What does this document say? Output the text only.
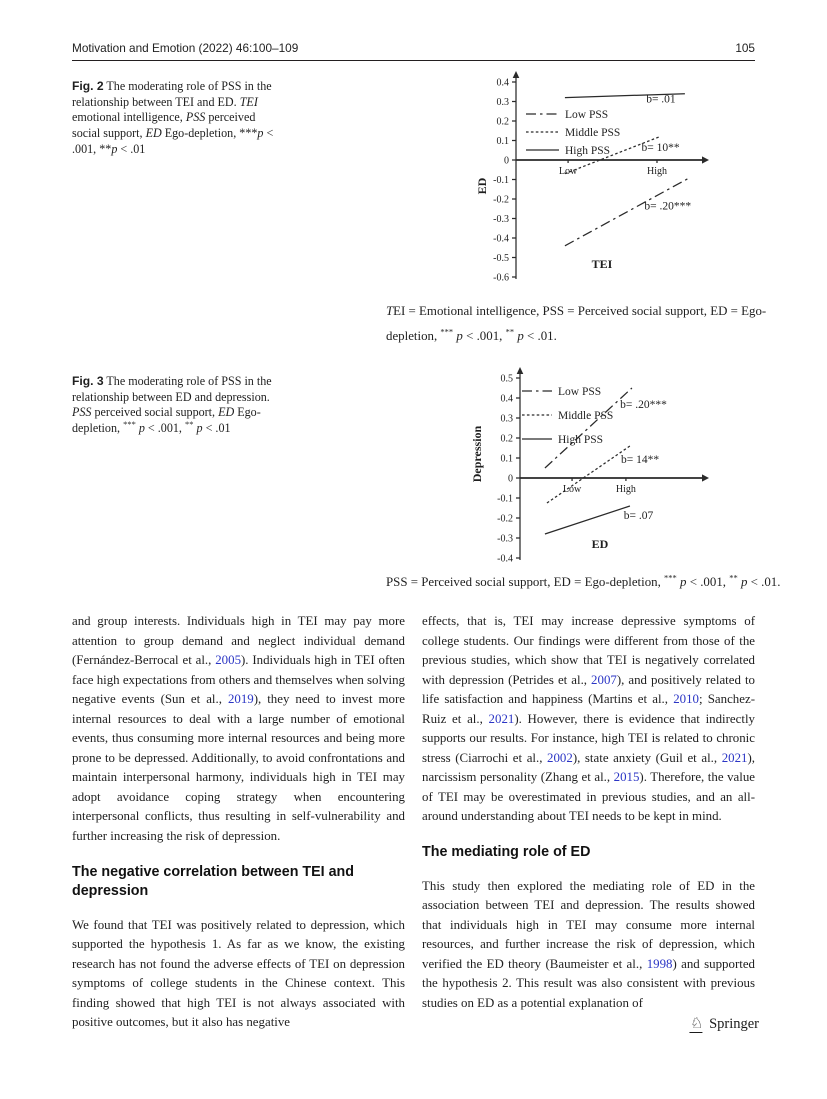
Motivation and Emotion (2022) 46:100–109	105
Fig. 2 The moderating role of PSS in the relationship between TEI and ED. TEI emotional intelligence, PSS perceived social support, ED Ego-depletion, ***p < .001, **p < .01
0.4
0.3
0.2
0.1
0
-0.1
-0.2
-0.3
-0.4
-0.5
-0.6
Low	High
b= .01
b= 10**
b= .20***
Low PSS
Middle PSS
High PSS
ED
TEI
TEI = Emotional intelligence, PSS = Perceived social support, ED = Ego-depletion, *** p < .001, ** p < .01.
Fig. 3 The moderating role of PSS in the relationship between ED and depression. PSS perceived social support, ED Ego-depletion, *** p < .001, ** p < .01
0.5
0.4
0.3
0.2
0.1
0
-0.1
-0.2
-0.3
-0.4
Low	High
b= .20***
b= 14**
b= .07
Low PSS
Middle PSS
High PSS
Depression
ED
PSS = Perceived social support, ED = Ego-depletion, *** p < .001, ** p < .01.

and group interests. Individuals high in TEI may pay more attention to group demand and neglect individual demand (Fernández-Berrocal et al., 2005). Individuals high in TEI often face high expectations from others and themselves when solving negative events (Sun et al., 2019), they need to invest more internal resources to deal with a large number of emotional events, thus consuming more internal resources and being more prone to be depressed. Additionally, to avoid confrontations and maintain interpersonal harmony, individuals high in TEI may adopt avoidance coping strategy when encountering interpersonal conflicts, thus resulting in self-vulnerability and further increasing the risk of depression.

The negative correlation between TEI and depression

We found that TEI was positively related to depression, which supported the hypothesis 1. As far as we know, the existing research has not found the adverse effects of TEI on depression symptoms of college students in the Chinese context. This finding showed that high TEI is not always associated with positive outcomes, but it also has negative

effects, that is, TEI may increase depressive symptoms of college students. Our findings were different from those of the previous studies, which show that TEI is negatively correlated with depression (Petrides et al., 2007), and positively related to life satisfaction and happiness (Martins et al., 2010; Sanchez-Ruiz et al., 2021). However, there is evidence that indirectly supports our results. For instance, high TEI is related to chronic stress (Ciarrochi et al., 2002), state anxiety (Guil et al., 2021), narcissism personality (Zhang et al., 2015). Therefore, the value of TEI may be overestimated in previous studies, and an all-around understanding about TEI needs to be kept in mind.

The mediating role of ED

This study then explored the mediating role of ED in the association between TEI and depression. The results showed that individuals high in TEI may consume more internal resources, and further increase the risk of depression, which verified the ED theory (Baumeister et al., 1998) and supported the hypothesis 2. This result was also consistent with previous studies on ED as a potential explanation of

♘ Springer
